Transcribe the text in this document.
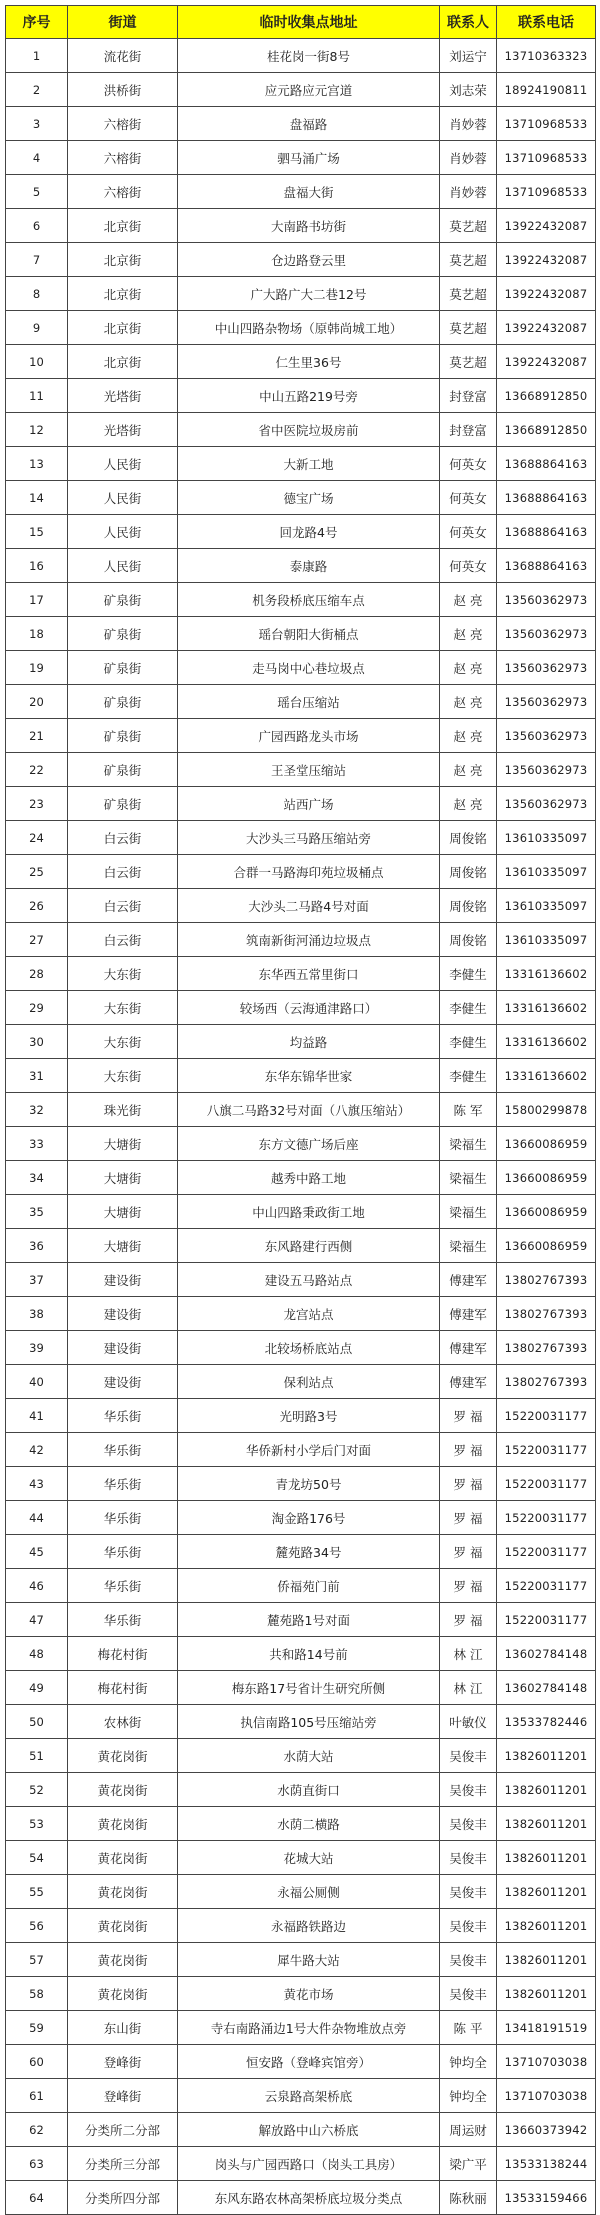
序号	街道	临时收集点地址	联系人	联系电话
1	流花街	桂花岗一街8号	刘运宁	13710363323
2	洪桥街	应元路应元宫道	刘志荣	18924190811
3	六榕街	盘福路	肖妙蓉	13710968533
4	六榕街	驷马涌广场	肖妙蓉	13710968533
5	六榕街	盘福大街	肖妙蓉	13710968533
6	北京街	大南路书坊街	莫艺超	13922432087
7	北京街	仓边路登云里	莫艺超	13922432087
8	北京街	广大路广大二巷12号	莫艺超	13922432087
9	北京街	中山四路杂物场（原韩尚城工地）	莫艺超	13922432087
10	北京街	仁生里36号	莫艺超	13922432087
11	光塔街	中山五路219号旁	封登富	13668912850
12	光塔街	省中医院垃圾房前	封登富	13668912850
13	人民街	大新工地	何英女	13688864163
14	人民街	德宝广场	何英女	13688864163
15	人民街	回龙路4号	何英女	13688864163
16	人民街	泰康路	何英女	13688864163
17	矿泉街	机务段桥底压缩车点	赵 亮	13560362973
18	矿泉街	瑶台朝阳大街桶点	赵 亮	13560362973
19	矿泉街	走马岗中心巷垃圾点	赵 亮	13560362973
20	矿泉街	瑶台压缩站	赵 亮	13560362973
21	矿泉街	广园西路龙头市场	赵 亮	13560362973
22	矿泉街	王圣堂压缩站	赵 亮	13560362973
23	矿泉街	站西广场	赵 亮	13560362973
24	白云街	大沙头三马路压缩站旁	周俊铭	13610335097
25	白云街	合群一马路海印苑垃圾桶点	周俊铭	13610335097
26	白云街	大沙头二马路4号对面	周俊铭	13610335097
27	白云街	筑南新街河涌边垃圾点	周俊铭	13610335097
28	大东街	东华西五常里街口	李健生	13316136602
29	大东街	较场西（云海通津路口）	李健生	13316136602
30	大东街	均益路	李健生	13316136602
31	大东街	东华东锦华世家	李健生	13316136602
32	珠光街	八旗二马路32号对面（八旗压缩站）	陈 军	15800299878
33	大塘街	东方文德广场后座	梁福生	13660086959
34	大塘街	越秀中路工地	梁福生	13660086959
35	大塘街	中山四路秉政街工地	梁福生	13660086959
36	大塘街	东风路建行西侧	梁福生	13660086959
37	建设街	建设五马路站点	傅建军	13802767393
38	建设街	龙宫站点	傅建军	13802767393
39	建设街	北较场桥底站点	傅建军	13802767393
40	建设街	保利站点	傅建军	13802767393
41	华乐街	光明路3号	罗 福	15220031177
42	华乐街	华侨新村小学后门对面	罗 福	15220031177
43	华乐街	青龙坊50号	罗 福	15220031177
44	华乐街	淘金路176号	罗 福	15220031177
45	华乐街	麓苑路34号	罗 福	15220031177
46	华乐街	侨福苑门前	罗 福	15220031177
47	华乐街	麓苑路1号对面	罗 福	15220031177
48	梅花村街	共和路14号前	林 江	13602784148
49	梅花村街	梅东路17号省计生研究所侧	林 江	13602784148
50	农林街	执信南路105号压缩站旁	叶敏仪	13533782446
51	黄花岗街	水荫大站	吴俊丰	13826011201
52	黄花岗街	水荫直街口	吴俊丰	13826011201
53	黄花岗街	水荫二横路	吴俊丰	13826011201
54	黄花岗街	花城大站	吴俊丰	13826011201
55	黄花岗街	永福公厕侧	吴俊丰	13826011201
56	黄花岗街	永福路铁路边	吴俊丰	13826011201
57	黄花岗街	犀牛路大站	吴俊丰	13826011201
58	黄花岗街	黄花市场	吴俊丰	13826011201
59	东山街	寺右南路涌边1号大件杂物堆放点旁	陈 平	13418191519
60	登峰街	恒安路（登峰宾馆旁）	钟均全	13710703038
61	登峰街	云泉路高架桥底	钟均全	13710703038
62	分类所二分部	解放路中山六桥底	周运财	13660373942
63	分类所三分部	岗头与广园西路口（岗头工具房）	梁广平	13533138244
64	分类所四分部	东风东路农林高架桥底垃圾分类点	陈秋丽	13533159466
